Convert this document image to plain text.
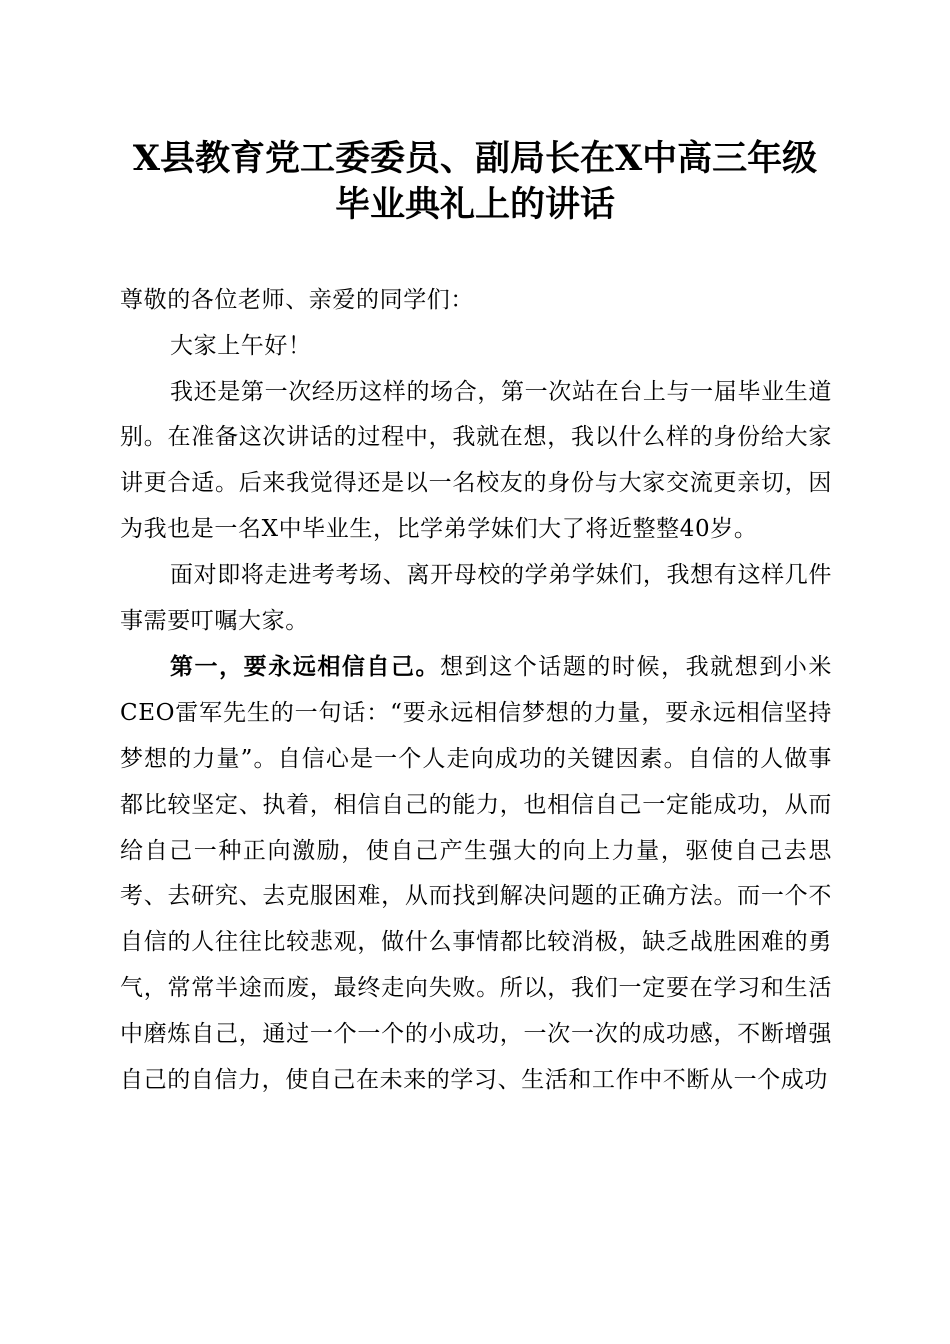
X县教育党工委委员、副局长在X中高三年级
毕业典礼上的讲话

尊敬的各位老师、亲爱的同学们：

大家上午好！

我还是第一次经历这样的场合，第一次站在台上与一届毕业生道别。在准备这次讲话的过程中，我就在想，我以什么样的身份给大家讲更合适。后来我觉得还是以一名校友的身份与大家交流更亲切，因为我也是一名X中毕业生，比学弟学妹们大了将近整整40岁。

面对即将走进考考场、离开母校的学弟学妹们，我想有这样几件事需要叮嘱大家。

第一，要永远相信自己。想到这个话题的时候，我就想到小米CEO雷军先生的一句话：“要永远相信梦想的力量，要永远相信坚持梦想的力量”。自信心是一个人走向成功的关键因素。自信的人做事都比较坚定、执着，相信自己的能力，也相信自己一定能成功，从而给自己一种正向激励，使自己产生强大的向上力量，驱使自己去思考、去研究、去克服困难，从而找到解决问题的正确方法。而一个不自信的人往往比较悲观，做什么事情都比较消极，缺乏战胜困难的勇气，常常半途而废，最终走向失败。所以，我们一定要在学习和生活中磨炼自己，通过一个一个的小成功，一次一次的成功感，不断增强自己的自信力，使自己在未来的学习、生活和工作中不断从一个成功
